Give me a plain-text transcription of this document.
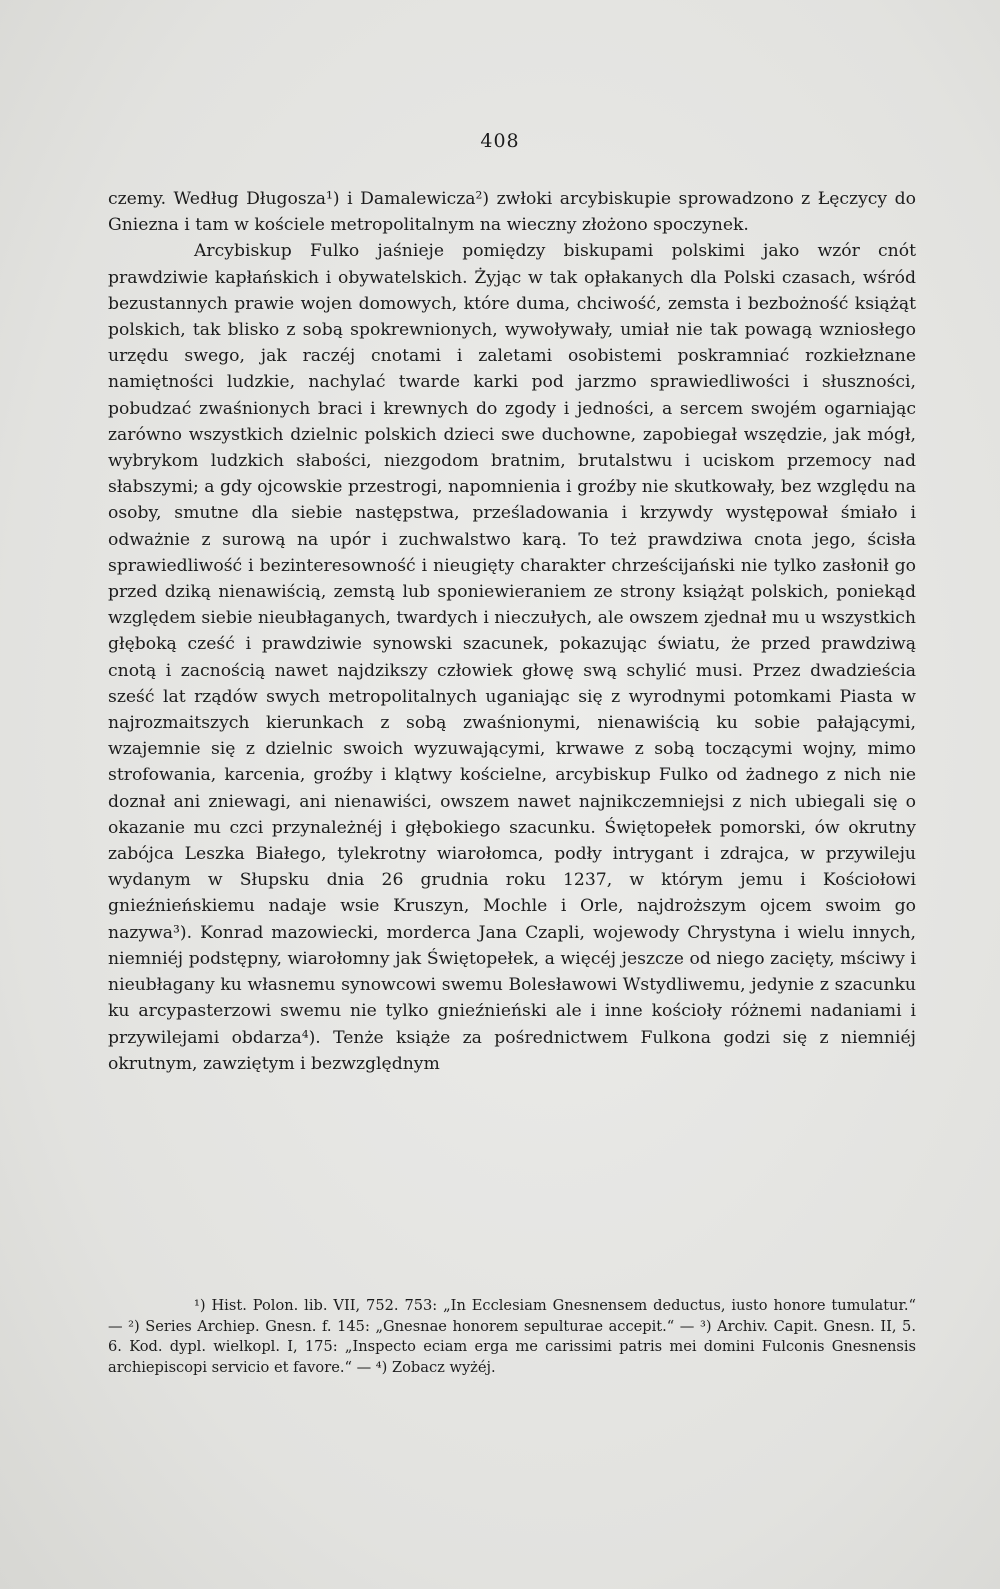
408

czemy. Według Długosza¹) i Damalewicza²) zwłoki arcybiskupie sprowadzono z Łęczycy do Gniezna i tam w kościele metropolitalnym na wieczny złożono spoczynek.

Arcybiskup Fulko jaśnieje pomiędzy biskupami polskimi jako wzór cnót prawdziwie kapłańskich i obywatelskich. Żyjąc w tak opłakanych dla Polski czasach, wśród bezustannych prawie wojen domowych, które duma, chciwość, zemsta i bezbożność książąt polskich, tak blisko z sobą spokrewnionych, wywoływały, umiał nie tak powagą wzniosłego urzędu swego, jak raczéj cnotami i zaletami osobistemi poskramniać rozkiełznane namiętności ludzkie, nachylać twarde karki pod jarzmo sprawiedliwości i słuszności, pobudzać zwaśnionych braci i krewnych do zgody i jedności, a sercem swojém ogarniając zarówno wszystkich dzielnic polskich dzieci swe duchowne, zapobiegał wszędzie, jak mógł, wybrykom ludzkich słabości, niezgodom bratnim, brutalstwu i uciskom przemocy nad słabszymi; a gdy ojcowskie przestrogi, napomnienia i groźby nie skutkowały, bez względu na osoby, smutne dla siebie następstwa, prześladowania i krzywdy występował śmiało i odważnie z surową na upór i zuchwalstwo karą. To też prawdziwa cnota jego, ścisła sprawiedliwość i bezinteresowność i nieugięty charakter chrześcijański nie tylko zasłonił go przed dziką nienawiścią, zemstą lub sponiewieraniem ze strony książąt polskich, poniekąd względem siebie nieubłaganych, twardych i nieczułych, ale owszem zjednał mu u wszystkich głęboką cześć i prawdziwie synowski szacunek, pokazując światu, że przed prawdziwą cnotą i zacnością nawet najdzikszy człowiek głowę swą schylić musi. Przez dwadzieścia sześć lat rządów swych metropolitalnych uganiając się z wyrodnymi potomkami Piasta w najrozmaitszych kierunkach z sobą zwaśnionymi, nienawiścią ku sobie pałającymi, wzajemnie się z dzielnic swoich wyzuwającymi, krwawe z sobą toczącymi wojny, mimo strofowania, karcenia, groźby i klątwy kościelne, arcybiskup Fulko od żadnego z nich nie doznał ani zniewagi, ani nienawiści, owszem nawet najnikczemniejsi z nich ubiegali się o okazanie mu czci przynależnéj i głębokiego szacunku. Świętopełek pomorski, ów okrutny zabójca Leszka Białego, tylekrotny wiarołomca, podły intrygant i zdrajca, w przywileju wydanym w Słupsku dnia 26 grudnia roku 1237, w którym jemu i Kościołowi gnieźnieńskiemu nadaje wsie Kruszyn, Mochle i Orle, najdroższym ojcem swoim go nazywa³). Konrad mazowiecki, morderca Jana Czapli, wojewody Chrystyna i wielu innych, niemniéj podstępny, wiarołomny jak Świętopełek, a więcéj jeszcze od niego zacięty, mściwy i nieubłagany ku własnemu synowcowi swemu Bolesławowi Wstydliwemu, jedynie z szacunku ku arcypasterzowi swemu nie tylko gnieźnieński ale i inne kościoły różnemi nadaniami i przywilejami obdarza⁴). Tenże książe za pośrednictwem Fulkona godzi się z niemniéj okrutnym, zawziętym i bezwzględnym

¹) Hist. Polon. lib. VII, 752. 753: „In Ecclesiam Gnesnensem deductus, iusto honore tumulatur.“ — ²) Series Archiep. Gnesn. f. 145: „Gnesnae honorem sepulturae accepit.“ — ³) Archiv. Capit. Gnesn. II, 5. 6. Kod. dypl. wielkopl. I, 175: „Inspecto eciam erga me carissimi patris mei domini Fulconis Gnesnensis archiepiscopi servicio et favore.“ — ⁴) Zobacz wyżéj.
